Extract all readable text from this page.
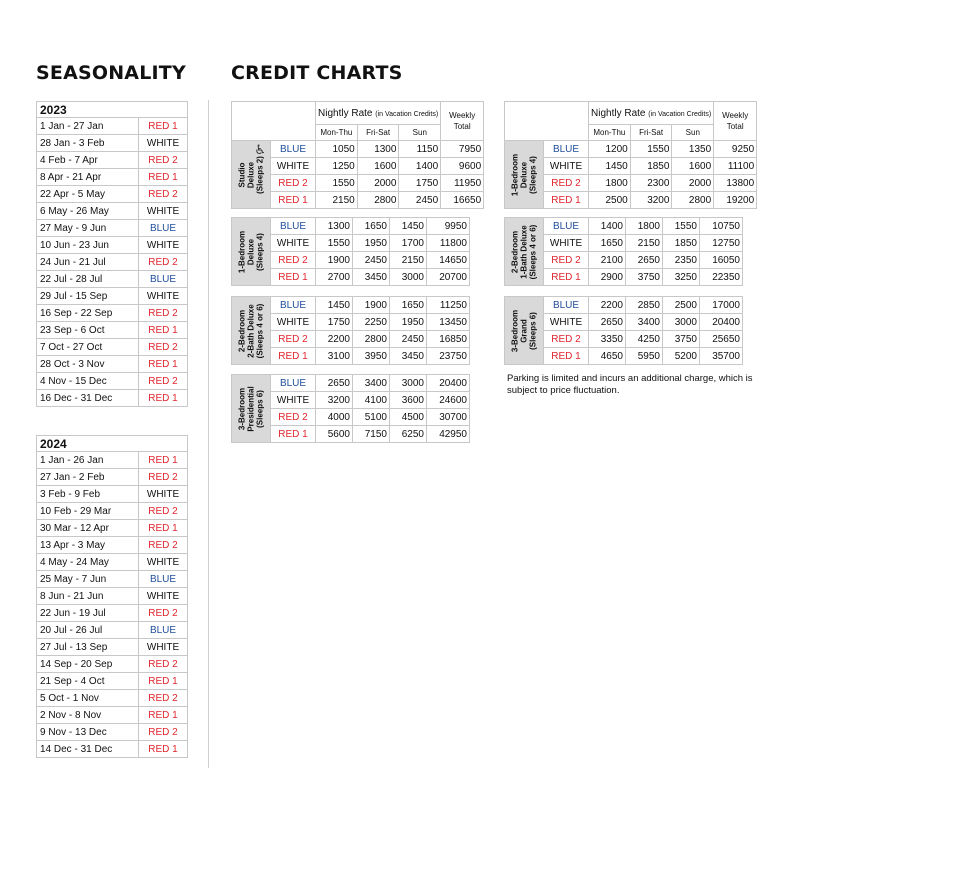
SEASONALITY CREDIT CHARTS
2023	
1 Jan - 27 Jan	RED 1
28 Jan - 3 Feb	WHITE
4 Feb - 7 Apr	RED 2
8 Apr - 21 Apr	RED 1
22 Apr - 5 May	RED 2
6 May - 26 May	WHITE
27 May - 9 Jun	BLUE
10 Jun - 23 Jun	WHITE
24 Jun - 21 Jul	RED 2
22 Jul - 28 Jul	BLUE
29 Jul - 15 Sep	WHITE
16 Sep - 22 Sep	RED 2
23 Sep - 6 Oct	RED 1
7 Oct - 27 Oct	RED 2
28 Oct - 3 Nov	RED 1
4 Nov - 15 Dec	RED 2
16 Dec - 31 Dec	RED 1
2024	
1 Jan - 26 Jan	RED 1
27 Jan - 2 Feb	RED 2
3 Feb - 9 Feb	WHITE
10 Feb - 29 Mar	RED 2
30 Mar - 12 Apr	RED 1
13 Apr - 3 May	RED 2
4 May - 24 May	WHITE
25 May - 7 Jun	BLUE
8 Jun - 21 Jun	WHITE
22 Jun - 19 Jul	RED 2
20 Jul - 26 Jul	BLUE
27 Jul - 13 Sep	WHITE
14 Sep - 20 Sep	RED 2
21 Sep - 4 Oct	RED 1
5 Oct - 1 Nov	RED 2
2 Nov - 8 Nov	RED 1
9 Nov - 13 Dec	RED 2
14 Dec - 31 Dec	RED 1
		Nightly Rate (in Vacation Credits)			Weekly
Total
		Mon-Thu	Fri-Sat	Sun	

Studio Deluxe (Sleeps 2)
♿	BLUE	1050	1300	1150	7950
	WHITE	1250	1600	1400	9600
	RED 2	1550	2000	1750	11950
	RED 1	2150	2800	2450	16650
1-Bedroom Deluxe (Sleeps 4)	BLUE	1300	1650	1450	9950
	WHITE	1550	1950	1700	11800
	RED 2	1900	2450	2150	14650
	RED 1	2700	3450	3000	20700
2-Bedroom 2-Bath Deluxe (Sleeps 4 or 6)	BLUE	1450	1900	1650	11250
	WHITE	1750	2250	1950	13450
	RED 2	2200	2800	2450	16850
	RED 1	3100	3950	3450	23750
3-Bedroom Presidential (Sleeps 6)	BLUE	2650	3400	3000	20400
	WHITE	3200	4100	3600	24600
	RED 2	4000	5100	4500	30700
	RED 1	5600	7150	6250	42950
		Nightly Rate (in Vacation Credits)			Weekly
Total
		Mon-Thu	Fri-Sat	Sun	

1-Bedroom Deluxe (Sleeps 4)	BLUE	1200	1550	1350	9250
	WHITE	1450	1850	1600	11100
	RED 2	1800	2300	2000	13800
	RED 1	2500	3200	2800	19200
2-Bedroom 1-Bath Deluxe (Sleeps 4 or 6)	BLUE	1400	1800	1550	10750
	WHITE	1650	2150	1850	12750
	RED 2	2100	2650	2350	16050
	RED 1	2900	3750	3250	22350
3-Bedroom Grand (Sleeps 6)	BLUE	2200	2850	2500	17000
	WHITE	2650	3400	3000	20400
	RED 2	3350	4250	3750	25650
	RED 1	4650	5950	5200	35700
Parking is limited and incurs an additional charge, which is subject to price fluctuation.
